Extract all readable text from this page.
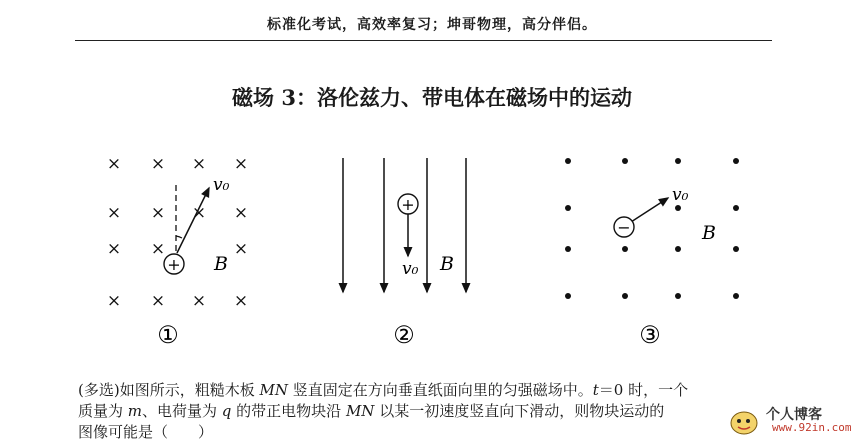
标准化考试，高效率复习；坤哥物理，高分伴侣。
磁场 3：洛伦兹力、带电体在磁场中的运动
× × × ×
× × × ×
× ×	×
× × × ×
v₀
+ B
①
+
v₀ B
②
v₀
−	B
③
(多选)如图所示，粗糙木板 MN 竖直固定在方向垂直纸面向里的匀强磁场中。t＝0 时，一个
质量为 m、电荷量为 q 的带正电物块沿 MN 以某一初速度竖直向下滑动，则物块运动的
图像可能是（　　）
个人博客
www.92in.com
